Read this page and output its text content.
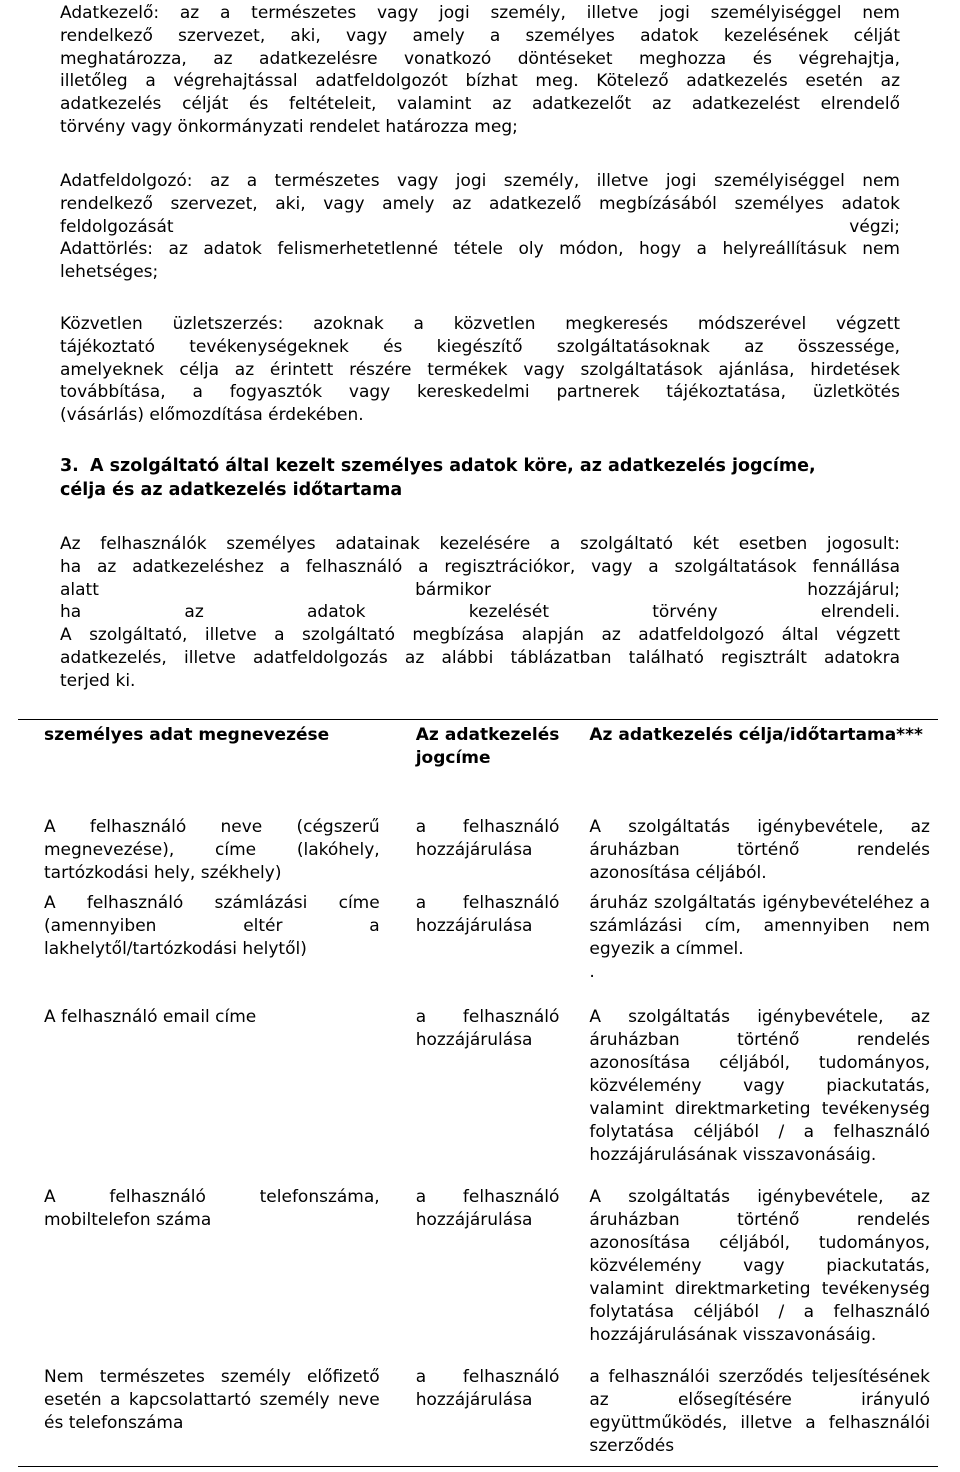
Adatkezelő: az a természetes vagy jogi személy, illetve jogi személyiséggel nem
rendelkező szervezet, aki, vagy amely a személyes adatok kezelésének célját
meghatározza, az adatkezelésre vonatkozó döntéseket meghozza és végrehajtja,
illetőleg a végrehajtással adatfeldolgozót bízhat meg. Kötelező adatkezelés esetén az
adatkezelés célját és feltételeit, valamint az adatkezelőt az adatkezelést elrendelő
törvény vagy önkormányzati rendelet határozza meg;

Adatfeldolgozó: az a természetes vagy jogi személy, illetve jogi személyiséggel nem
rendelkező szervezet, aki, vagy amely az adatkezelő megbízásából személyes adatok
feldolgozását végzi;
Adattörlés: az adatok felismerhetetlenné tétele oly módon, hogy a helyreállításuk nem
lehetséges;

Közvetlen üzletszerzés: azoknak a közvetlen megkeresés módszerével végzett
tájékoztató tevékenységeknek és kiegészítő szolgáltatásoknak az összessége,
amelyeknek célja az érintett részére termékek vagy szolgáltatások ajánlása, hirdetések
továbbítása, a fogyasztók vagy kereskedelmi partnerek tájékoztatása, üzletkötés
(vásárlás) előmozdítása érdekében.

3. A szolgáltató által kezelt személyes adatok köre, az adatkezelés jogcíme,
célja és az adatkezelés időtartama

Az felhasználók személyes adatainak kezelésére a szolgáltató két esetben jogosult:
ha az adatkezeléshez a felhasználó a regisztrációkor, vagy a szolgáltatások fennállása
alatt bármikor hozzájárul;
ha az adatok kezelését törvény elrendeli.
A szolgáltató, illetve a szolgáltató megbízása alapján az adatfeldolgozó által végzett
adatkezelés, illetve adatfeldolgozás az alábbi táblázatban található regisztrált adatokra
terjed ki.

személyes adat megnevezése	Az adatkezelés jogcíme	Az adatkezelés célja/időtartama***
A felhasználó neve (cégszerű megnevezése), címe (lakóhely, tartózkodási hely, székhely)	a felhasználó hozzájárulása	A szolgáltatás igénybevétele, az áruházban történő rendelés azonosítása céljából.
A felhasználó számlázási címe (amennyiben eltér a lakhelytől/tartózkodási helytől)	a felhasználó hozzájárulása	áruház szolgáltatás igénybevételéhez a számlázási cím, amennyiben nem egyezik a címmel.
.
A felhasználó email címe	a felhasználó hozzájárulása	A szolgáltatás igénybevétele, az áruházban történő rendelés azonosítása céljából, tudományos, közvélemény vagy piackutatás, valamint direktmarketing tevékenység folytatása céljából / a felhasználó hozzájárulásának visszavonásáig.
A felhasználó telefonszáma, mobiltelefon száma	a felhasználó hozzájárulása	A szolgáltatás igénybevétele, az áruházban történő rendelés azonosítása céljából, tudományos, közvélemény vagy piackutatás, valamint direktmarketing tevékenység folytatása céljából / a felhasználó hozzájárulásának visszavonásáig.
Nem természetes személy előfizető esetén a kapcsolattartó személy neve és telefonszáma	a felhasználó hozzájárulása	a felhasználói szerződés teljesítésének az elősegítésére irányuló együttműködés, illetve a felhasználói szerződés
